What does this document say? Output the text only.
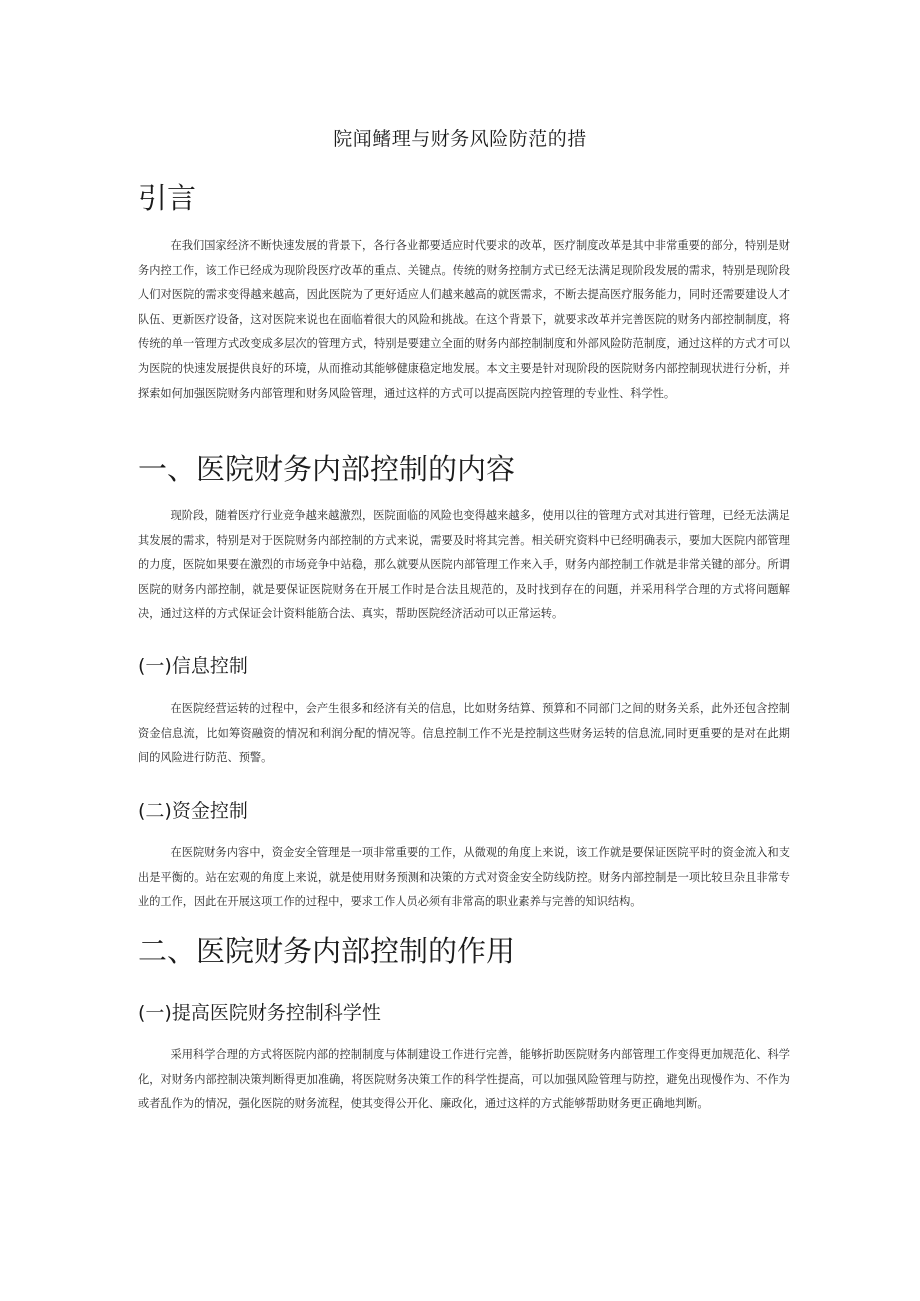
院闻鳍理与财务风险防范的措
引言

在我们国家经济不断快速发展的背景下，各行各业都要适应时代要求的改革，医疗制度改革是其中非常重要的部分，特别是财务内控工作，该工作已经成为现阶段医疗改革的重点、关键点。传统的财务控制方式已经无法满足现阶段发展的需求，特别是现阶段人们对医院的需求变得越来越高，因此医院为了更好适应人们越来越高的就医需求，不断去提高医疗服务能力，同时还需要建设人才队伍、更新医疗设备，这对医院来说也在面临着很大的风险和挑战。在这个背景下，就要求改革并完善医院的财务内部控制制度，将传统的单一管理方式改变成多层次的管理方式，特别是要建立全面的财务内部控制制度和外部风险防范制度，通过这样的方式才可以为医院的快速发展提供良好的环境，从而推动其能够健康稳定地发展。本文主要是针对现阶段的医院财务内部控制现状进行分析，并探索如何加强医院财务内部管理和财务风险管理，通过这样的方式可以提高医院内控管理的专业性、科学性。

一、医院财务内部控制的内容

现阶段，随着医疗行业竞争越来越激烈，医院面临的风险也变得越来越多，使用以往的管理方式对其进行管理，已经无法满足其发展的需求，特别是对于医院财务内部控制的方式来说，需要及时将其完善。相关研究资料中已经明确表示，要加大医院内部管理的力度，医院如果要在激烈的市场竞争中站稳，那么就要从医院内部管理工作来入手，财务内部控制工作就是非常关键的部分。所谓医院的财务内部控制，就是要保证医院财务在开展工作时是合法且规范的，及时找到存在的问题，并采用科学合理的方式将问题解决，通过这样的方式保证会计资料能筋合法、真实，帮助医院经济活动可以正常运转。

(一)信息控制

在医院经营运转的过程中，会产生很多和经济有关的信息，比如财务结算、预算和不同部门之间的财务关系，此外还包含控制资金信息流，比如筹资融资的情况和利润分配的情况等。信息控制工作不光是控制这些财务运转的信息流,同时更重要的是对在此期间的风险进行防范、预警。

(二)资金控制

在医院财务内容中，资金安全管理是一项非常重要的工作，从微观的角度上来说，该工作就是要保证医院平时的资金流入和支出是平衡的。站在宏观的角度上来说，就是使用财务预测和决策的方式对资金安全防线防控。财务内部控制是一项比较旦杂且非常专业的工作，因此在开展这项工作的过程中，要求工作人员必须有非常高的职业素养与完善的知识结构。

二、医院财务内部控制的作用
(一)提高医院财务控制科学性

采用科学合理的方式将医院内部的控制制度与体制建设工作进行完善，能够折助医院财务内部管理工作变得更加规范化、科学化，对财务内部控制决策判断得更加准确，将医院财务决策工作的科学性提高，可以加强风险管理与防控，避免出现慢作为、不作为或者乱作为的情况，强化医院的财务流程，使其变得公开化、廉政化，通过这样的方式能够帮助财务更正确地判断。
